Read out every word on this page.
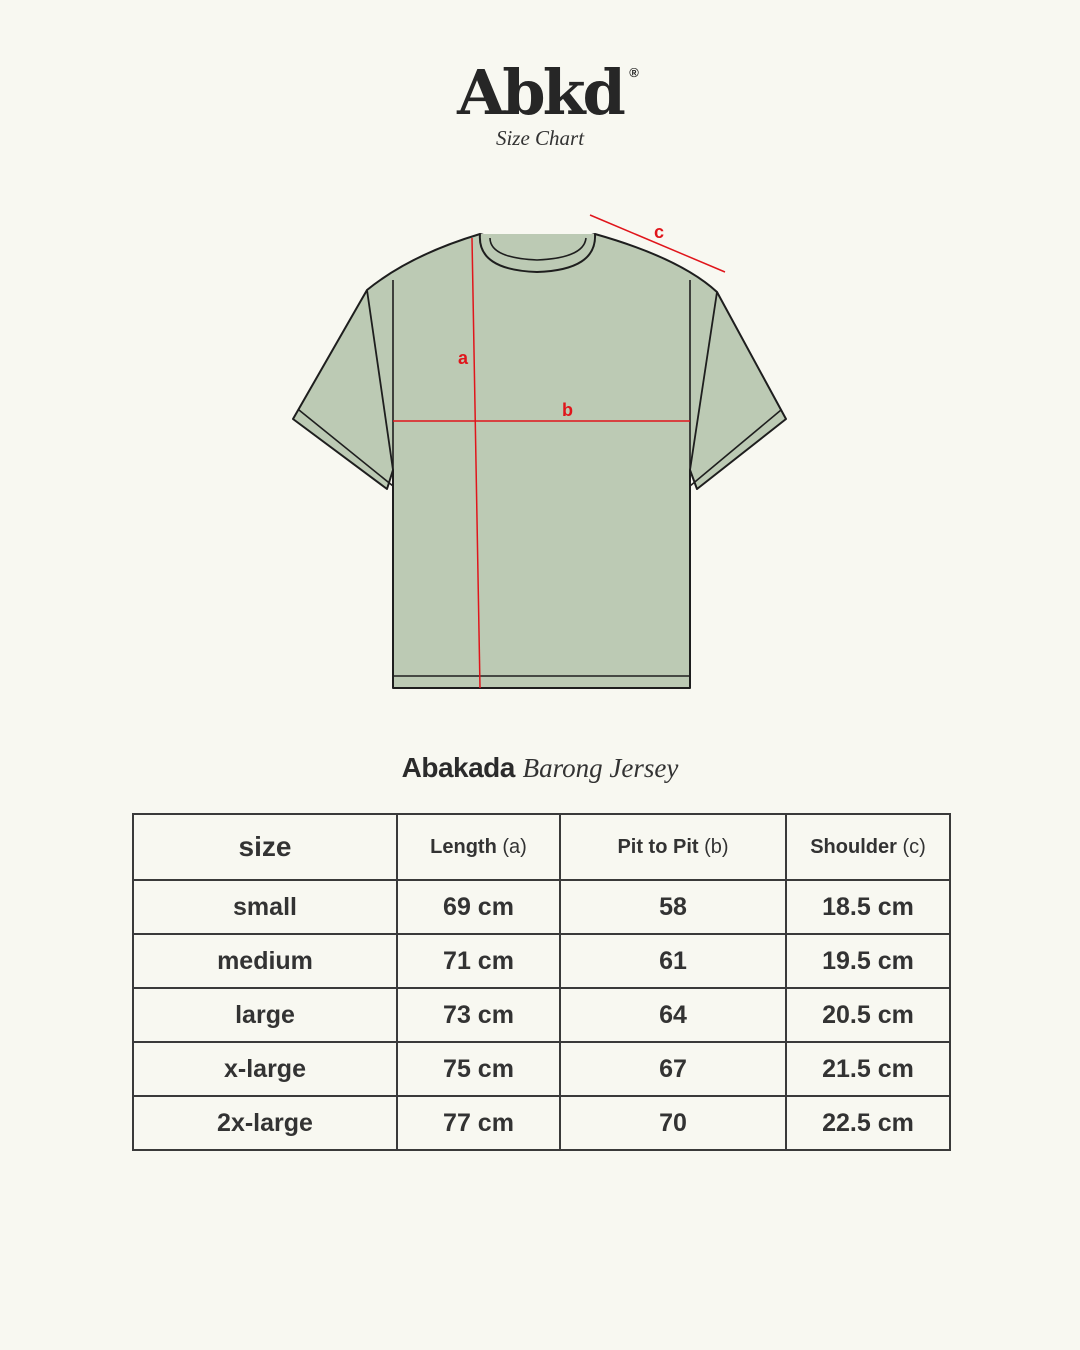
Abkd ®
Size Chart
a
b
c
Abakada Barong Jersey
size	Length (a)	Pit to Pit (b)	Shoulder (c)
small	69 cm	58	18.5 cm
medium	71 cm	61	19.5 cm
large	73 cm	64	20.5 cm
x-large	75 cm	67	21.5 cm
2x-large	77 cm	70	22.5 cm
